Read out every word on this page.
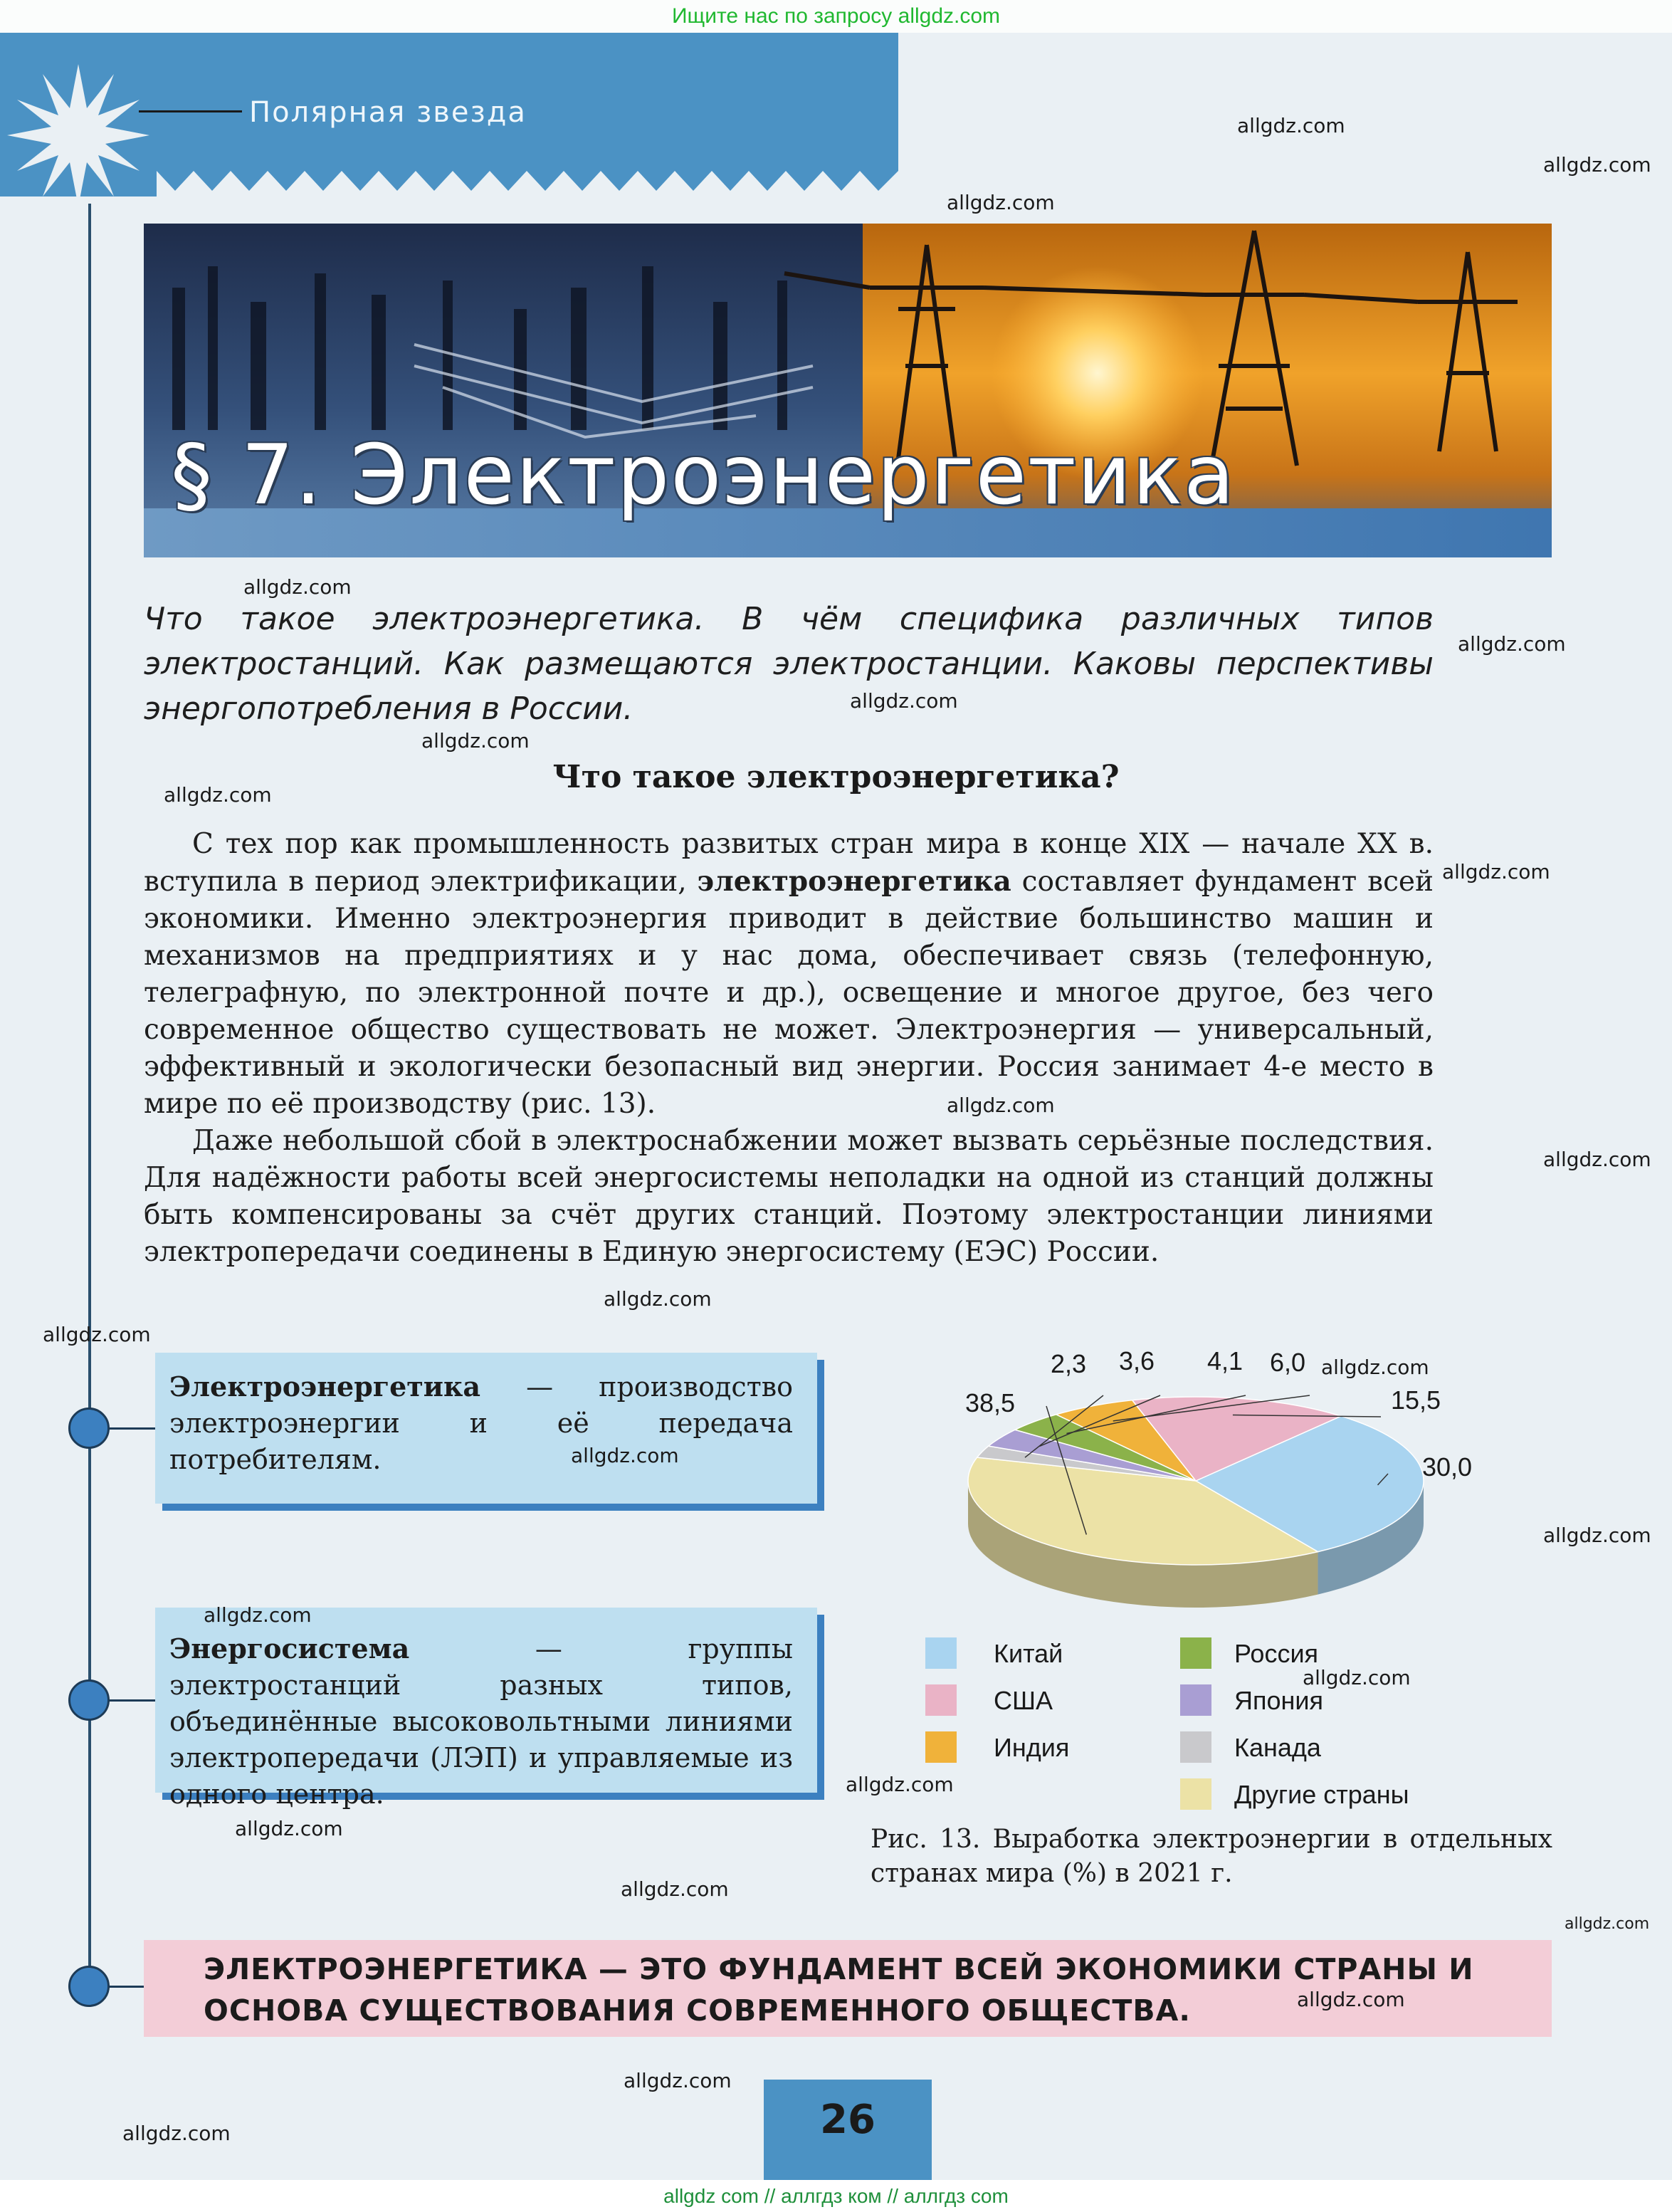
Ищите нас по запросу allgdz.com
Полярная звезда
§ 7. Электроэнергетика
Что такое электроэнергетика. В чём специфика различных типов электростанций. Как размещаются электростанции. Каковы перспективы энергопотребления в России.
Что такое электроэнергетика?

С тех пор как промышленность развитых стран мира в конце XIX — начале XX в. вступила в период электрификации, электроэнергетика составляет фундамент всей экономики. Именно электроэнергия приводит в действие большинство машин и механизмов на предприятиях и у нас дома, обеспечивает связь (телефонную, телеграфную, по электронной почте и др.), освещение и многое другое, без чего современное общество существовать не может. Электроэнергия — универсальный, эффективный и экологически безопасный вид энергии. Россия занимает 4-е место в мире по её производству (рис. 13).

Даже небольшой сбой в электроснабжении может вызвать серьёзные последствия. Для надёжности работы всей энергосистемы неполадки на одной из станций должны быть компенсированы за счёт других станций. Поэтому электростанции линиями электропередачи соединены в Единую энергосистему (ЕЭС) России.

Электроэнергетика — производство электроэнергии и её передача потребителям.
Энергосистема — группы электростанций разных типов, объединённые высоковольтными линиями электропередачи (ЛЭП) и управляемые из одного центра.
2,3 3,6 4,1 6,0
15,5
30,0
38,5
Китай
США
Индия
Россия
Япония
Канада
Другие страны
Рис. 13. Выработка электроэнергии в отдельных странах мира (%) в 2021 г.
ЭЛЕКТРОЭНЕРГЕТИКА — ЭТО ФУНДАМЕНТ ВСЕЙ ЭКОНОМИКИ СТРАНЫ И ОСНОВА СУЩЕСТВОВАНИЯ СОВРЕМЕННОГО ОБЩЕСТВА.
26
allgdz.com
allgdz.com
allgdz.com
allgdz.com
allgdz.com
allgdz.com
allgdz.com
allgdz.com
allgdz.com
allgdz.com
allgdz.com
allgdz.com
allgdz.com
allgdz.com
allgdz.com
allgdz.com
allgdz.com
allgdz.com
allgdz.com
allgdz.com
allgdz.com
allgdz.com
allgdz.com
allgdz.com
allgdz.com
allgdz com // аллгдз ком // аллгдз com
